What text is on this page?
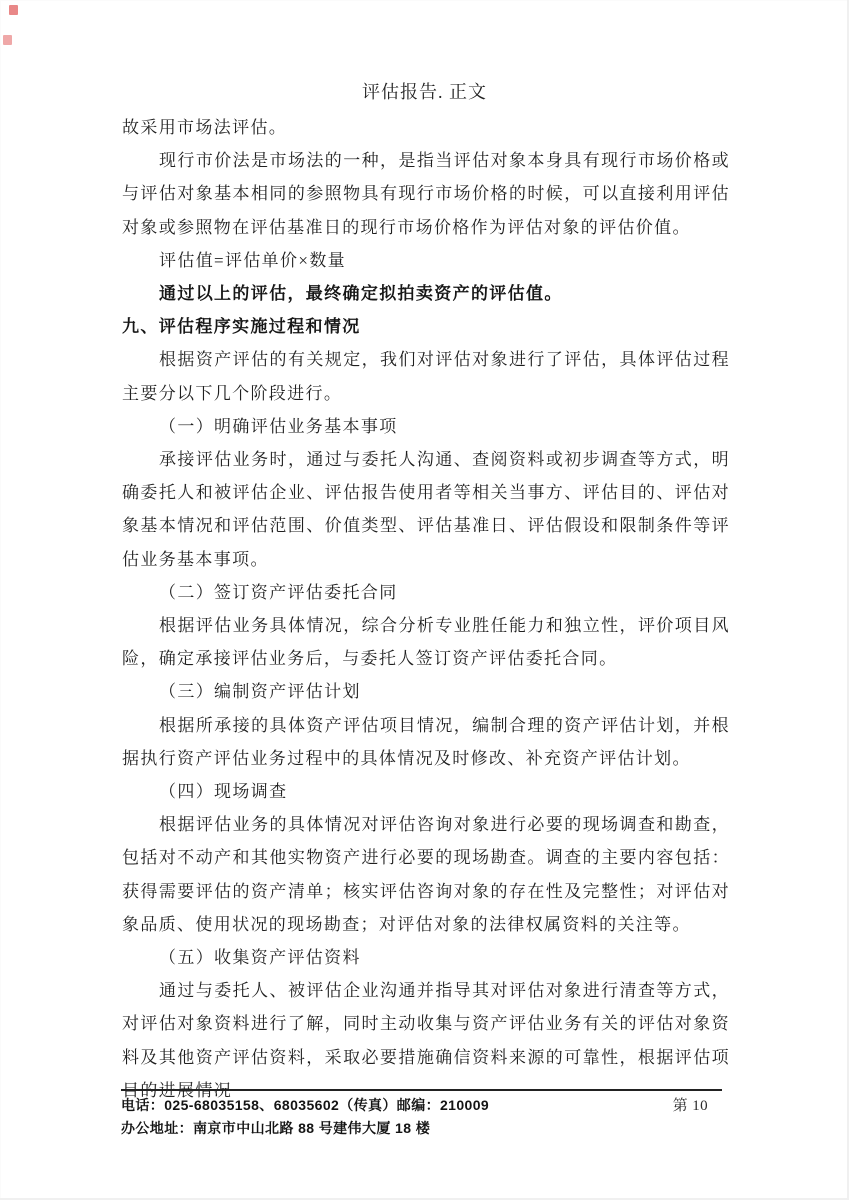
评估报告. 正文

故采用市场法评估。

现行市价法是市场法的一种，是指当评估对象本身具有现行市场价格或与评估对象基本相同的参照物具有现行市场价格的时候，可以直接利用评估对象或参照物在评估基准日的现行市场价格作为评估对象的评估价值。

评估值=评估单价×数量

通过以上的评估，最终确定拟拍卖资产的评估值。

九、评估程序实施过程和情况

根据资产评估的有关规定，我们对评估对象进行了评估，具体评估过程主要分以下几个阶段进行。

（一）明确评估业务基本事项

承接评估业务时，通过与委托人沟通、查阅资料或初步调查等方式，明确委托人和被评估企业、评估报告使用者等相关当事方、评估目的、评估对象基本情况和评估范围、价值类型、评估基准日、评估假设和限制条件等评估业务基本事项。

（二）签订资产评估委托合同

根据评估业务具体情况，综合分析专业胜任能力和独立性，评价项目风险，确定承接评估业务后，与委托人签订资产评估委托合同。

（三）编制资产评估计划

根据所承接的具体资产评估项目情况，编制合理的资产评估计划，并根据执行资产评估业务过程中的具体情况及时修改、补充资产评估计划。

（四）现场调查

根据评估业务的具体情况对评估咨询对象进行必要的现场调查和勘查，包括对不动产和其他实物资产进行必要的现场勘查。调查的主要内容包括：获得需要评估的资产清单；核实评估咨询对象的存在性及完整性；对评估对象品质、使用状况的现场勘查；对评估对象的法律权属资料的关注等。

（五）收集资产评估资料

通过与委托人、被评估企业沟通并指导其对评估对象进行清查等方式，对评估对象资料进行了解，同时主动收集与资产评估业务有关的评估对象资料及其他资产评估资料，采取必要措施确信资料来源的可靠性，根据评估项目的进展情况

电话：025-68035158、68035602（传真）邮编：210009	第 10
办公地址：南京市中山北路 88 号建伟大厦 18 楼
